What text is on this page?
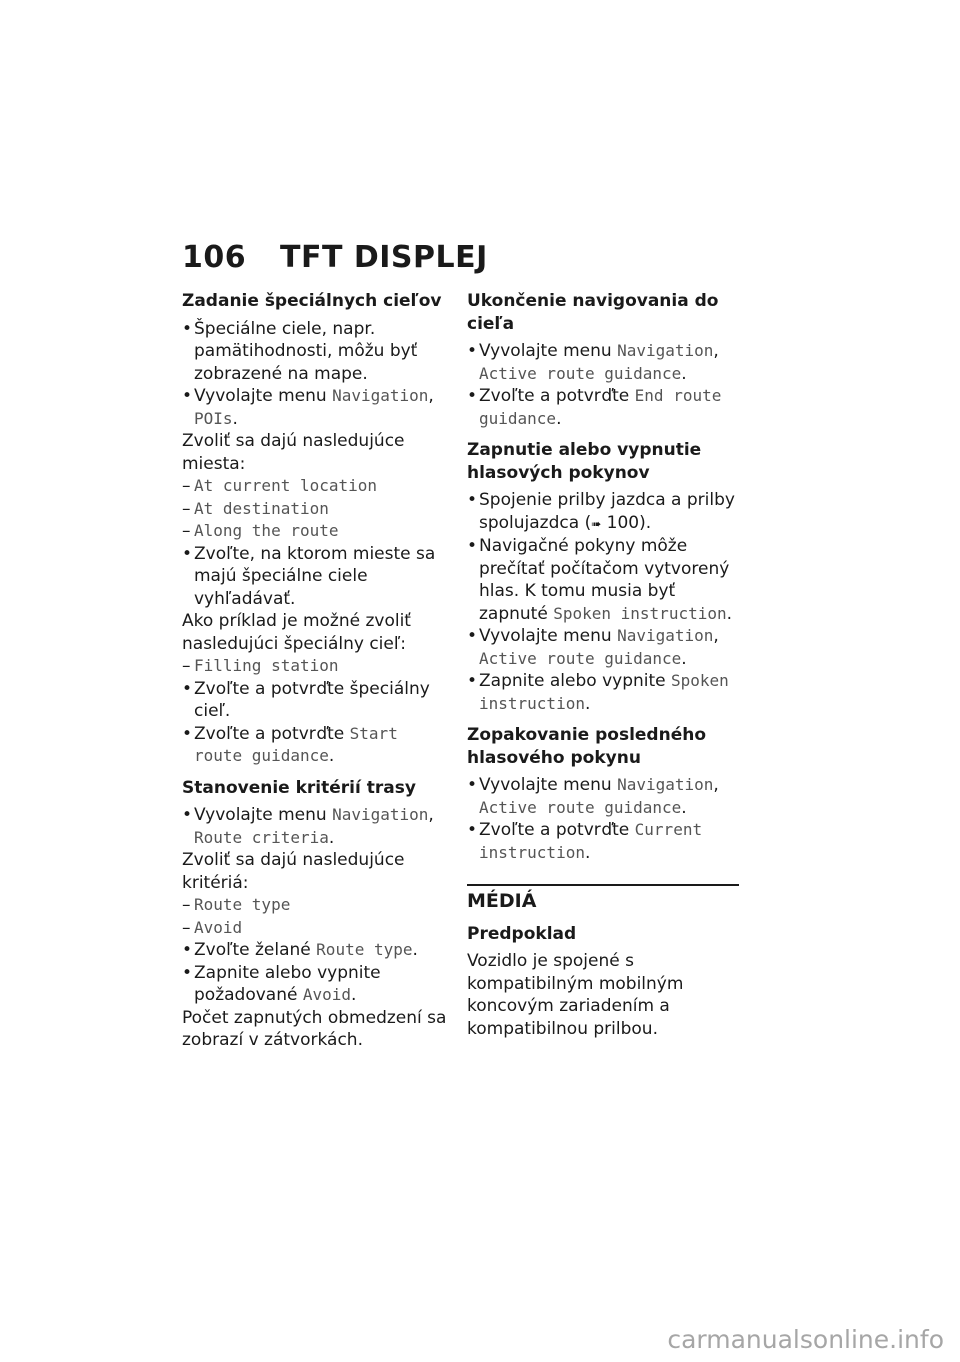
106 TFT DISPLEJ
Zadanie špeciálnych cieľov
• Špeciálne ciele, napr. pamätihodnosti, môžu byť zobrazené na mape.
• Vyvolajte menu Navigation, POIs.
Zvoliť sa dajú nasledujúce miesta:
– At current location
– At destination
– Along the route
• Zvoľte, na ktorom mieste sa majú špeciálne ciele vyhľadávať.
Ako príklad je možné zvoliť nasledujúci špeciálny cieľ:
– Filling station
• Zvoľte a potvrďte špeciálny cieľ.
• Zvoľte a potvrďte Start route guidance.
Stanovenie kritérií trasy
• Vyvolajte menu Navigation, Route criteria.
Zvoliť sa dajú nasledujúce kritériá:
– Route type
– Avoid
• Zvoľte želané Route type.
• Zapnite alebo vypnite požadované Avoid.
Počet zapnutých obmedzení sa zobrazí v zátvorkách.
Ukončenie navigovania do cieľa
• Vyvolajte menu Navigation, Active route guidance.
• Zvoľte a potvrďte End route guidance.
Zapnutie alebo vypnutie hlasových pokynov
• Spojenie prilby jazdca a prilby spolujazdca (➠ 100).
• Navigačné pokyny môže prečítať počítačom vytvorený hlas. K tomu musia byť zapnuté Spoken instruction.
• Vyvolajte menu Navigation, Active route guidance.
• Zapnite alebo vypnite Spoken instruction.
Zopakovanie posledného hlasového pokynu
• Vyvolajte menu Navigation, Active route guidance.
• Zvoľte a potvrďte Current instruction.
MÉDIÁ
Predpoklad
Vozidlo je spojené s kompatibilným mobilným koncovým zariadením a kompatibilnou prilbou.
carmanualsonline.info
